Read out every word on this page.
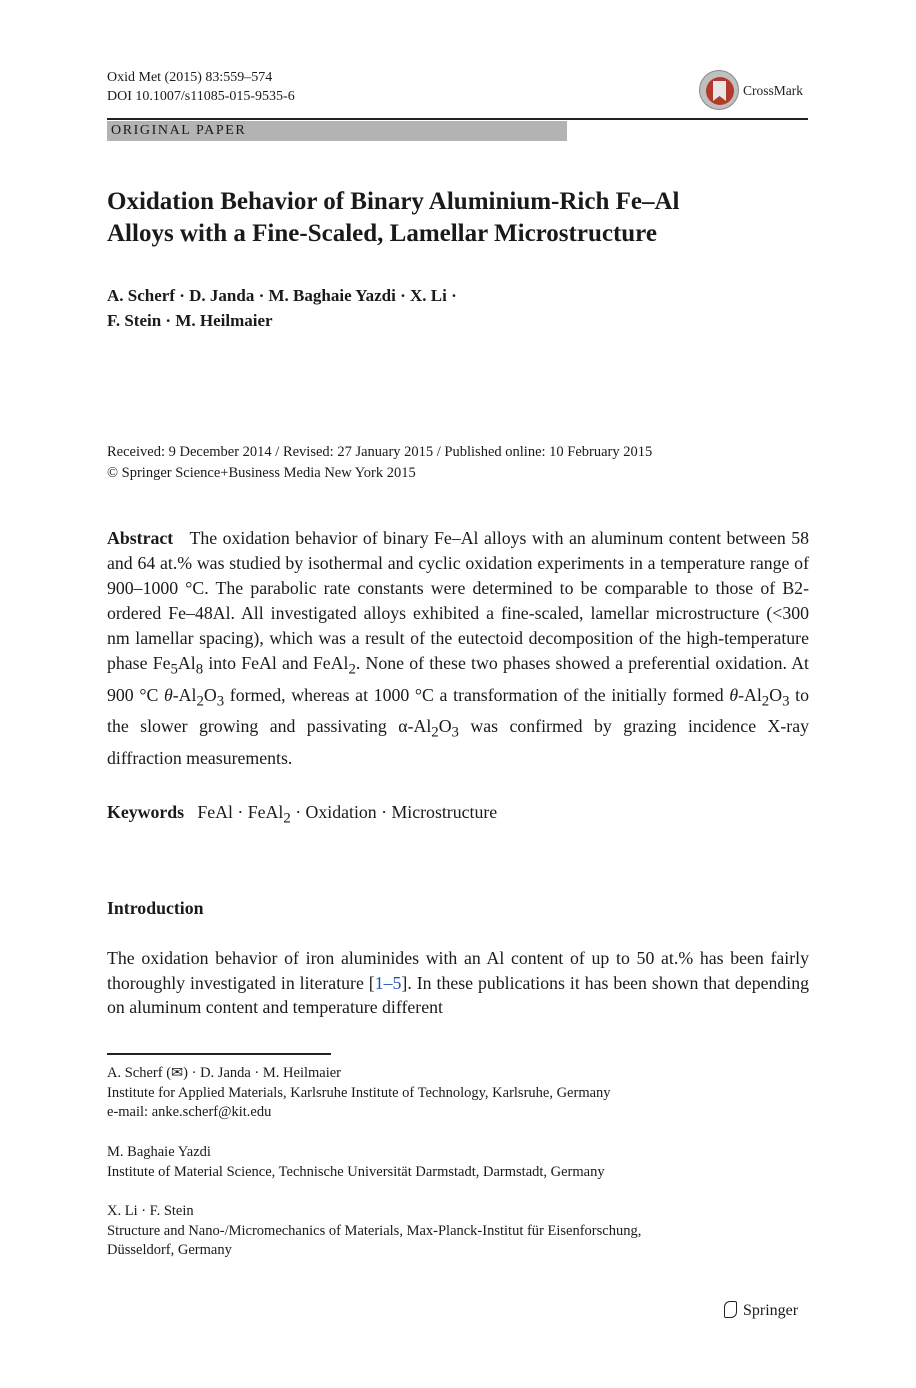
Oxid Met (2015) 83:559–574
DOI 10.1007/s11085-015-9535-6	CrossMark
ORIGINAL PAPER
Oxidation Behavior of Binary Aluminium-Rich Fe–Al
Alloys with a Fine-Scaled, Lamellar Microstructure
A. Scherf · D. Janda · M. Baghaie Yazdi · X. Li ·
F. Stein · M. Heilmaier
Received: 9 December 2014 / Revised: 27 January 2015 / Published online: 10 February 2015
© Springer Science+Business Media New York 2015
Abstract The oxidation behavior of binary Fe–Al alloys with an aluminum content between 58 and 64 at.% was studied by isothermal and cyclic oxidation experiments in a temperature range of 900–1000 °C. The parabolic rate constants were determined to be comparable to those of B2-ordered Fe–48Al. All investigated alloys exhibited a fine-scaled, lamellar microstructure (<300 nm lamellar spacing), which was a result of the eutectoid decomposition of the high-temperature phase $Fe_5Al_8$ into FeAl and FeAl$_2$. None of these two phases showed a preferential oxidation. At 900 °C $\theta-Al_2O_3$ formed, whereas at 1000 °C a transformation of the initially formed $\theta-Al_2O_3$ to the slower growing and passivating $\alpha-Al_2O_3$ was confirmed by grazing incidence X-ray diffraction measurements.
Keywords FeAl · FeAl$_2$ · Oxidation · Microstructure
Introduction
The oxidation behavior of iron aluminides with an Al content of up to 50 at.% has been fairly thoroughly investigated in literature [1–5]. In these publications it has been shown that depending on aluminum content and temperature different
A. Scherf (✉) · D. Janda · M. Heilmaier
Institute for Applied Materials, Karlsruhe Institute of Technology, Karlsruhe, Germany
e-mail: anke.scherf@kit.edu
M. Baghaie Yazdi
Institute of Material Science, Technische Universität Darmstadt, Darmstadt, Germany
X. Li · F. Stein
Structure and Nano-/Micromechanics of Materials, Max-Planck-Institut für Eisenforschung,
Düsseldorf, Germany
Springer
